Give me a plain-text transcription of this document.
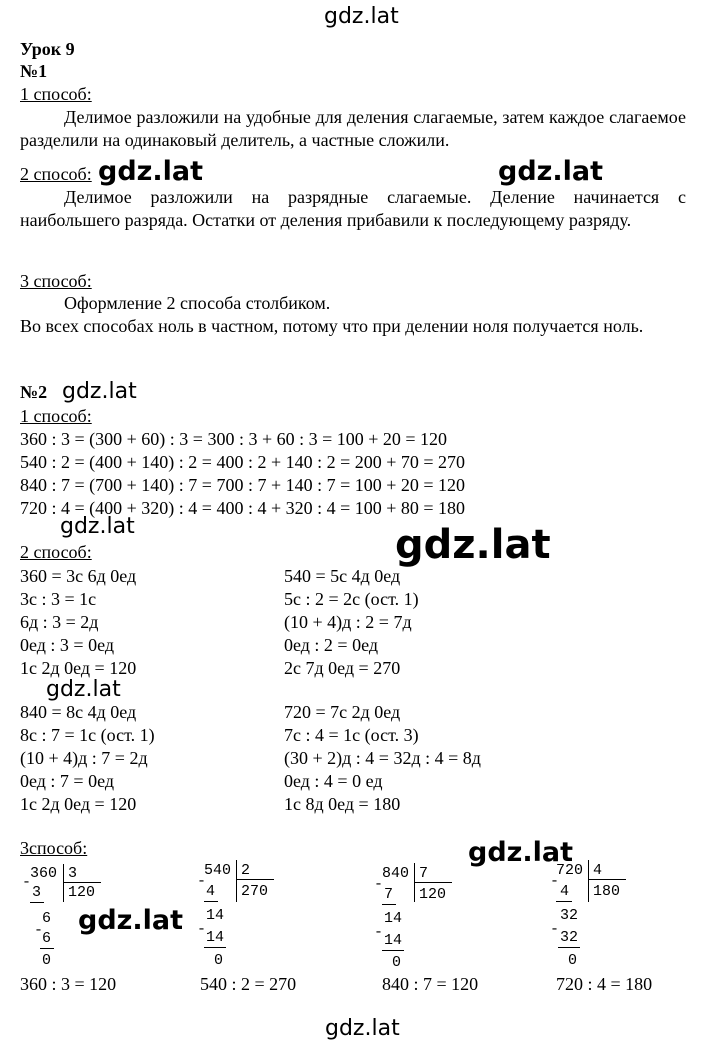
gdz.lat
gdz.lat	gdz.lat
gdz.lat
gdz.lat	gdz.lat
gdz.lat
gdz.lat
gdz.lat
gdz.lat
Урок 9
№1
1 способ:
Делимое разложили на удобные для деления слагаемые, затем каждое слагаемое разделили на одинаковый делитель, а частные сложили.
2 способ:
Делимое разложили на разрядные слагаемые. Деление начинается с наибольшего разряда. Остатки от деления прибавили к последующему разряду.
3 способ:
Оформление 2 способа столбиком.
Во всех способах ноль в частном, потому что при делении ноля получается ноль.
№2
1 способ:
360 : 3 = (300 + 60) : 3 = 300 : 3 + 60 : 3 = 100 + 20 = 120
540 : 2 = (400 + 140) : 2 = 400 : 2 + 140 : 2 = 200 + 70 = 270
840 : 7 = (700 + 140) : 7 = 700 : 7 + 140 : 7 = 100 + 20 = 120
720 : 4 = (400 + 320) : 4 = 400 : 4 + 320 : 4 = 100 + 80 = 180
2 способ:
360 = 3с 6д 0ед
3с : 3 = 1с
6д : 3 = 2д
0ед : 3 = 0ед
1с 2д 0ед = 120
540 = 5с 4д 0ед
5с : 2 = 2с (ост. 1)
(10 + 4)д : 2 = 7д
0ед : 2 = 0ед
2с 7д 0ед = 270
840 = 8с 4д 0ед
8с : 7 = 1с (ост. 1)
(10 + 4)д : 7 = 2д
0ед : 7 = 0ед
1с 2д 0ед = 120
720 = 7с 2д 0ед
7с : 4 = 1с (ост. 3)
(30 + 2)д : 4 = 32д : 4 = 8д
0ед : 4 = 0 ед
1с 8д 0ед = 180
3способ:
360 3
120
-
3
6
-
6
0
360 : 3 = 120
540 2
270
-
4
14
- 14
0
540 : 2 = 270
840 7
120
-
7
14
- 14
0
840 : 7 = 120
720 4
180
-
4
32
- 32
0
720 : 4 = 180
